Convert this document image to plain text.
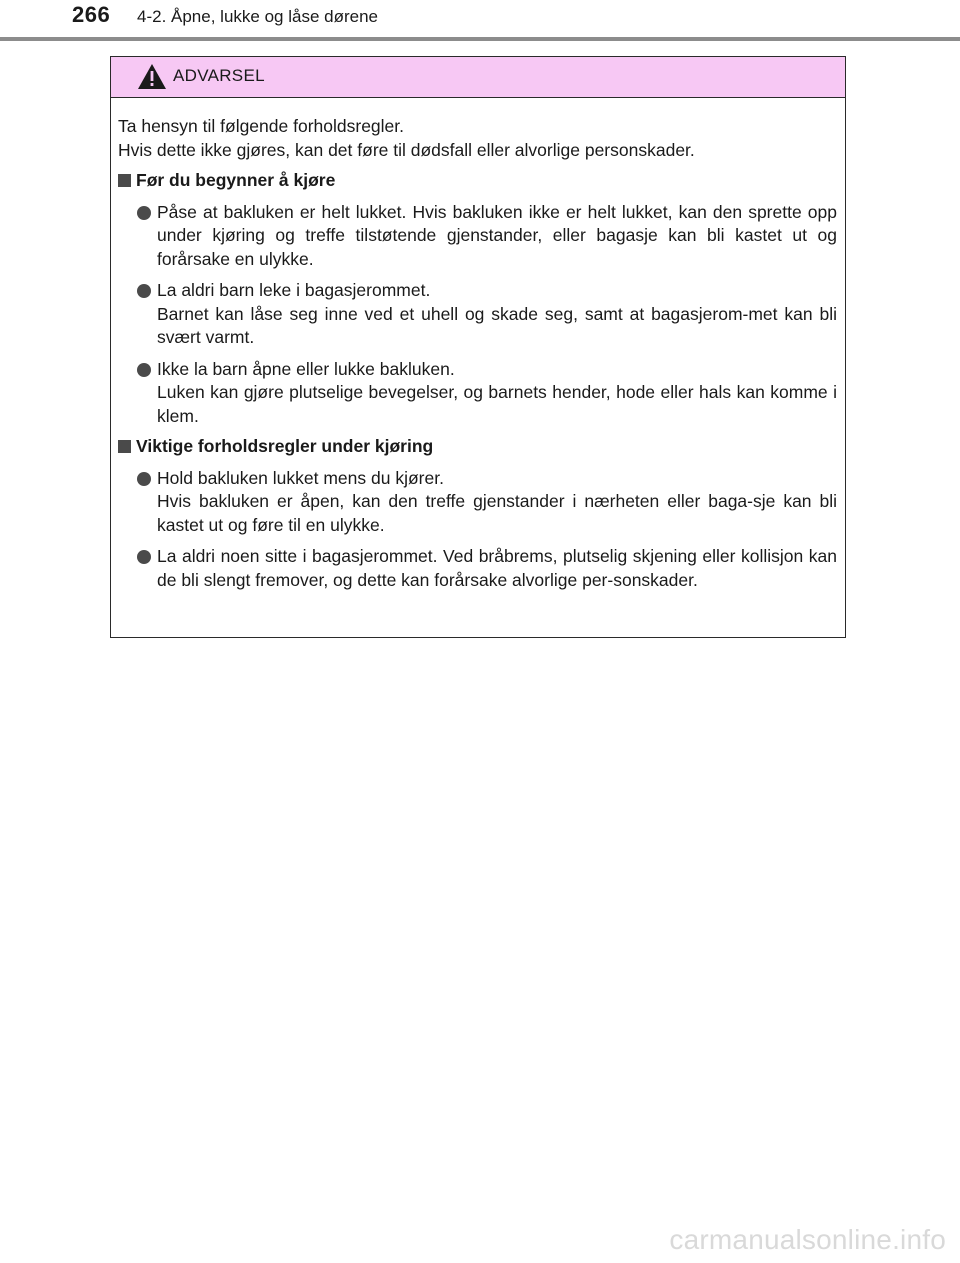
266 4-2. Åpne, lukke og låse dørene
ADVARSEL

Ta hensyn til følgende forholdsregler.

Hvis dette ikke gjøres, kan det føre til dødsfall eller alvorlige personskader.

Før du begynner å kjøre

Påse at bakluken er helt lukket. Hvis bakluken ikke er helt lukket, kan den sprette opp under kjøring og treffe tilstøtende gjenstander, eller bagasje kan bli kastet ut og forårsake en ulykke.

La aldri barn leke i bagasjerommet.

Barnet kan låse seg inne ved et uhell og skade seg, samt at bagasjerom-met kan bli svært varmt.

Ikke la barn åpne eller lukke bakluken.

Luken kan gjøre plutselige bevegelser, og barnets hender, hode eller hals kan komme i klem.

Viktige forholdsregler under kjøring

Hold bakluken lukket mens du kjører.

Hvis bakluken er åpen, kan den treffe gjenstander i nærheten eller baga-sje kan bli kastet ut og føre til en ulykke.

La aldri noen sitte i bagasjerommet. Ved bråbrems, plutselig skjening eller kollisjon kan de bli slengt fremover, og dette kan forårsake alvorlige per-sonskader.

carmanualsonline.info
